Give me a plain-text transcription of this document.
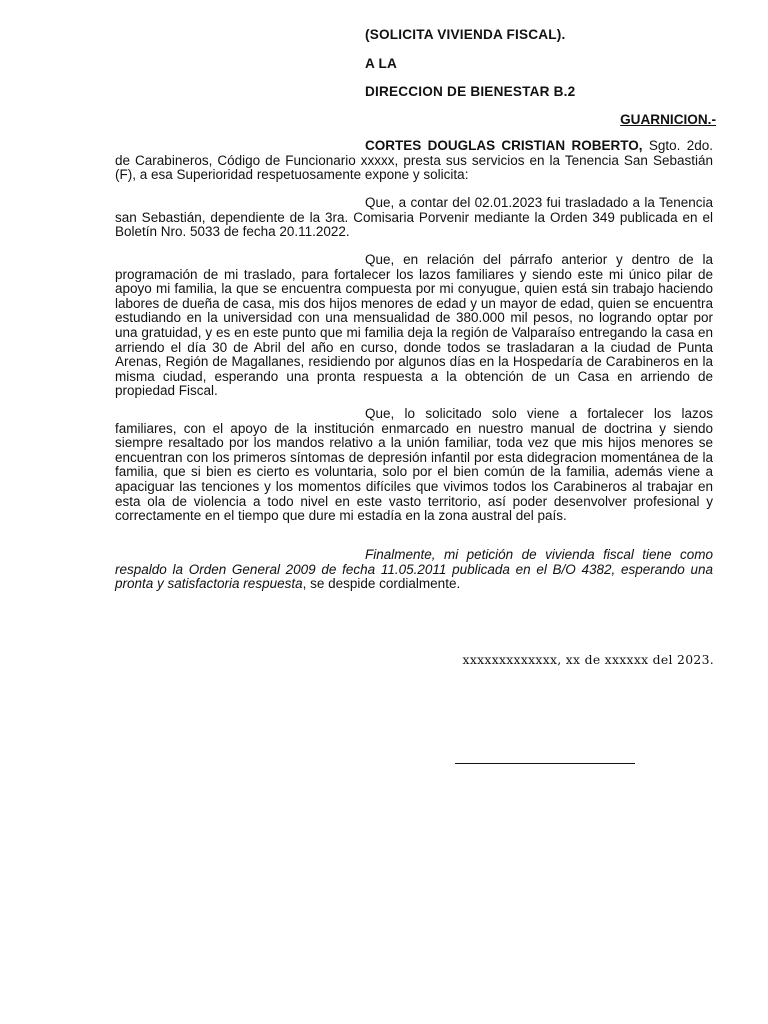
(SOLICITA VIVIENDA FISCAL).
A LA
DIRECCION DE BIENESTAR B.2
GUARNICION.-
CORTES DOUGLAS CRISTIAN ROBERTO, Sgto. 2do. de Carabineros, Código de Funcionario xxxxx, presta sus servicios en la Tenencia San Sebastián (F), a esa Superioridad respetuosamente expone y solicita:
Que, a contar del 02.01.2023 fui trasladado a la Tenencia san Sebastián, dependiente de la 3ra. Comisaria Porvenir mediante la Orden 349 publicada en el Boletín Nro. 5033 de fecha 20.11.2022.
Que, en relación del párrafo anterior y dentro de la programación de mi traslado, para fortalecer los lazos familiares y siendo este mi único pilar de apoyo mi familia, la que se encuentra compuesta por mi conyugue, quien está sin trabajo haciendo labores de dueña de casa, mis dos hijos menores de edad y un mayor de edad, quien se encuentra estudiando en la universidad con una mensualidad de 380.000 mil pesos, no logrando optar por una gratuidad, y es en este punto que mi familia deja la región de Valparaíso entregando la casa en arriendo el día 30 de Abril del año en curso, donde todos se trasladaran a la ciudad de Punta Arenas, Región de Magallanes, residiendo por algunos días en la Hospedaría de Carabineros en la misma ciudad, esperando una pronta respuesta a la obtención de un Casa en arriendo de propiedad Fiscal.
Que, lo solicitado solo viene a fortalecer los lazos familiares, con el apoyo de la institución enmarcado en nuestro manual de doctrina y siendo siempre resaltado por los mandos relativo a la unión familiar, toda vez que mis hijos menores se encuentran con los primeros síntomas de depresión infantil por esta didegracion momentánea de la familia, que si bien es cierto es voluntaria, solo por el bien común de la familia, además viene a apaciguar las tenciones y los momentos difíciles que vivimos todos los Carabineros al trabajar en esta ola de violencia a todo nivel en este vasto territorio, así poder desenvolver profesional y correctamente en el tiempo que dure mi estadía en la zona austral del país.
Finalmente, mi petición de vivienda fiscal tiene como respaldo la Orden General 2009 de fecha 11.05.2011 publicada en el B/O 4382, esperando una pronta y satisfactoria respuesta, se despide cordialmente.
xxxxxxxxxxxxx, xx de xxxxxx del 2023.
